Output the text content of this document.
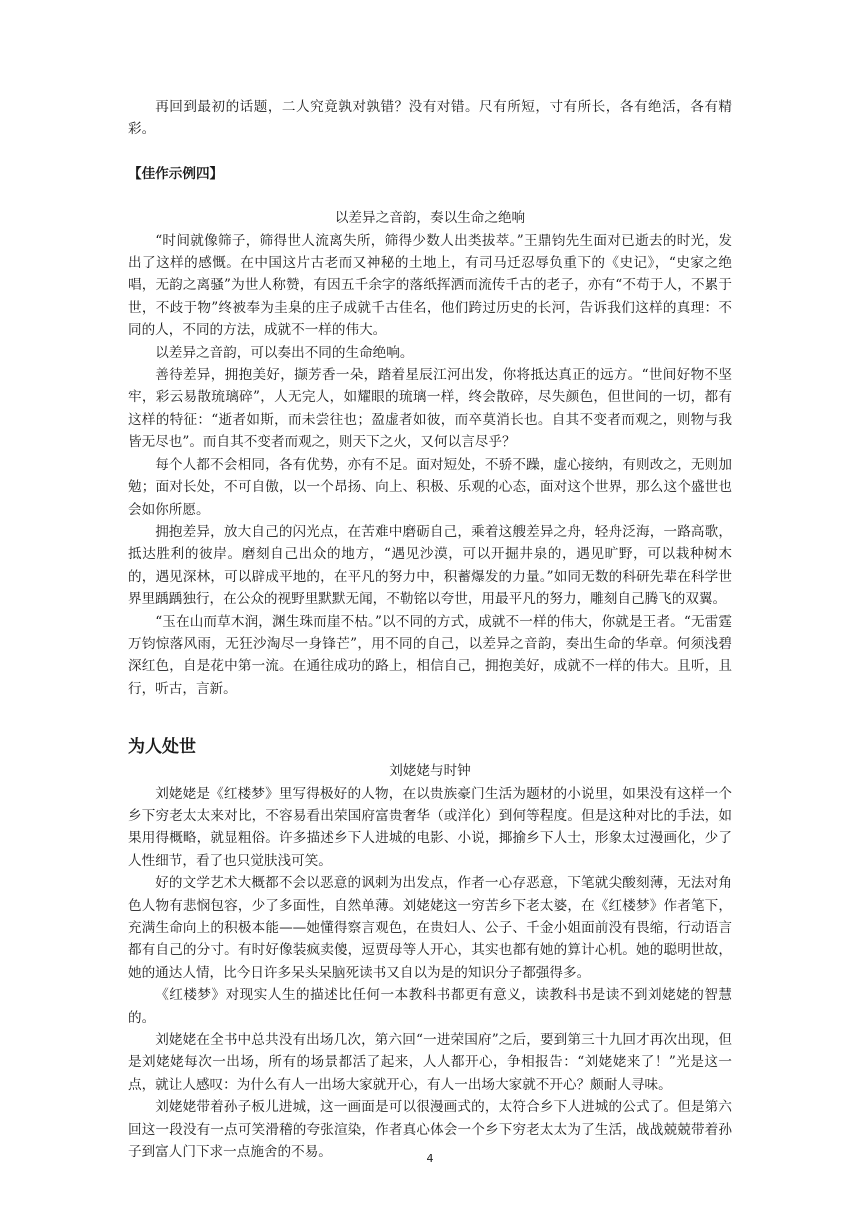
再回到最初的话题，二人究竟孰对孰错？没有对错。尺有所短，寸有所长，各有绝活，各有精彩。

【佳作示例四】

以差异之音韵，奏以生命之绝响

“时间就像筛子，筛得世人流离失所，筛得少数人出类拔萃。”王鼎钧先生面对已逝去的时光，发出了这样的感慨。在中国这片古老而又神秘的土地上，有司马迁忍辱负重下的《史记》，“史家之绝唱，无韵之离骚”为世人称赞，有因五千余字的落纸挥洒而流传千古的老子，亦有“不苟于人，不累于世，不歧于物”终被奉为圭臬的庄子成就千古佳名，他们跨过历史的长河，告诉我们这样的真理：不同的人，不同的方法，成就不一样的伟大。

以差异之音韵，可以奏出不同的生命绝响。

善待差异，拥抱美好，撷芳香一朵，踏着星辰江河出发，你将抵达真正的远方。“世间好物不坚牢，彩云易散琉璃碎”，人无完人，如耀眼的琉璃一样，终会散碎，尽失颜色，但世间的一切，都有这样的特征：“逝者如斯，而未尝往也；盈虚者如彼，而卒莫消长也。自其不变者而观之，则物与我皆无尽也”。而自其不变者而观之，则天下之火，又何以言尽乎？

每个人都不会相同，各有优势，亦有不足。面对短处，不骄不躁，虚心接纳，有则改之，无则加勉；面对长处，不可自傲，以一个昂扬、向上、积极、乐观的心态，面对这个世界，那么这个盛世也会如你所愿。

拥抱差异，放大自己的闪光点，在苦难中磨砺自己，乘着这艘差异之舟，轻舟泛海，一路高歌，抵达胜利的彼岸。磨刻自己出众的地方，“遇见沙漠，可以开掘井泉的，遇见旷野，可以栽种树木的，遇见深林，可以辟成平地的，在平凡的努力中，积蓄爆发的力量。”如同无数的科研先辈在科学世界里踽踽独行，在公众的视野里默默无闻，不勒铭以夸世，用最平凡的努力，雕刻自己腾飞的双翼。

“玉在山而草木润，渊生珠而崖不枯。”以不同的方式，成就不一样的伟大，你就是王者。“无雷霆万钧惊落风雨，无狂沙淘尽一身锋芒”，用不同的自己，以差异之音韵，奏出生命的华章。何须浅碧深红色，自是花中第一流。在通往成功的路上，相信自己，拥抱美好，成就不一样的伟大。且听，且行，听古，言新。

为人处世

刘姥姥与时钟

刘姥姥是《红楼梦》里写得极好的人物，在以贵族豪门生活为题材的小说里，如果没有这样一个乡下穷老太太来对比，不容易看出荣国府富贵奢华（或洋化）到何等程度。但是这种对比的手法，如果用得概略，就显粗俗。许多描述乡下人进城的电影、小说，揶揄乡下人士，形象太过漫画化，少了人性细节，看了也只觉肤浅可笑。

好的文学艺术大概都不会以恶意的讽刺为出发点，作者一心存恶意，下笔就尖酸刻薄，无法对角色人物有悲悯包容，少了多面性，自然单薄。刘姥姥这一穷苦乡下老太婆，在《红楼梦》作者笔下，充满生命向上的积极本能——她懂得察言观色，在贵妇人、公子、千金小姐面前没有畏缩，行动语言都有自己的分寸。有时好像装疯卖傻，逗贾母等人开心，其实也都有她的算计心机。她的聪明世故，她的通达人情，比今日许多呆头呆脑死读书又自以为是的知识分子都强得多。

《红楼梦》对现实人生的描述比任何一本教科书都更有意义，读教科书是读不到刘姥姥的智慧的。

刘姥姥在全书中总共没有出场几次，第六回“一进荣国府”之后，要到第三十九回才再次出现，但是刘姥姥每次一出场，所有的场景都活了起来，人人都开心，争相报告：“刘姥姥来了！”光是这一点，就让人感叹：为什么有人一出场大家就开心，有人一出场大家就不开心？颇耐人寻味。

刘姥姥带着孙子板儿进城，这一画面是可以很漫画式的，太符合乡下人进城的公式了。但是第六回这一段没有一点可笑滑稽的夸张渲染，作者真心体会一个乡下穷老太太为了生活，战战兢兢带着孙子到富人门下求一点施舍的不易。	4
